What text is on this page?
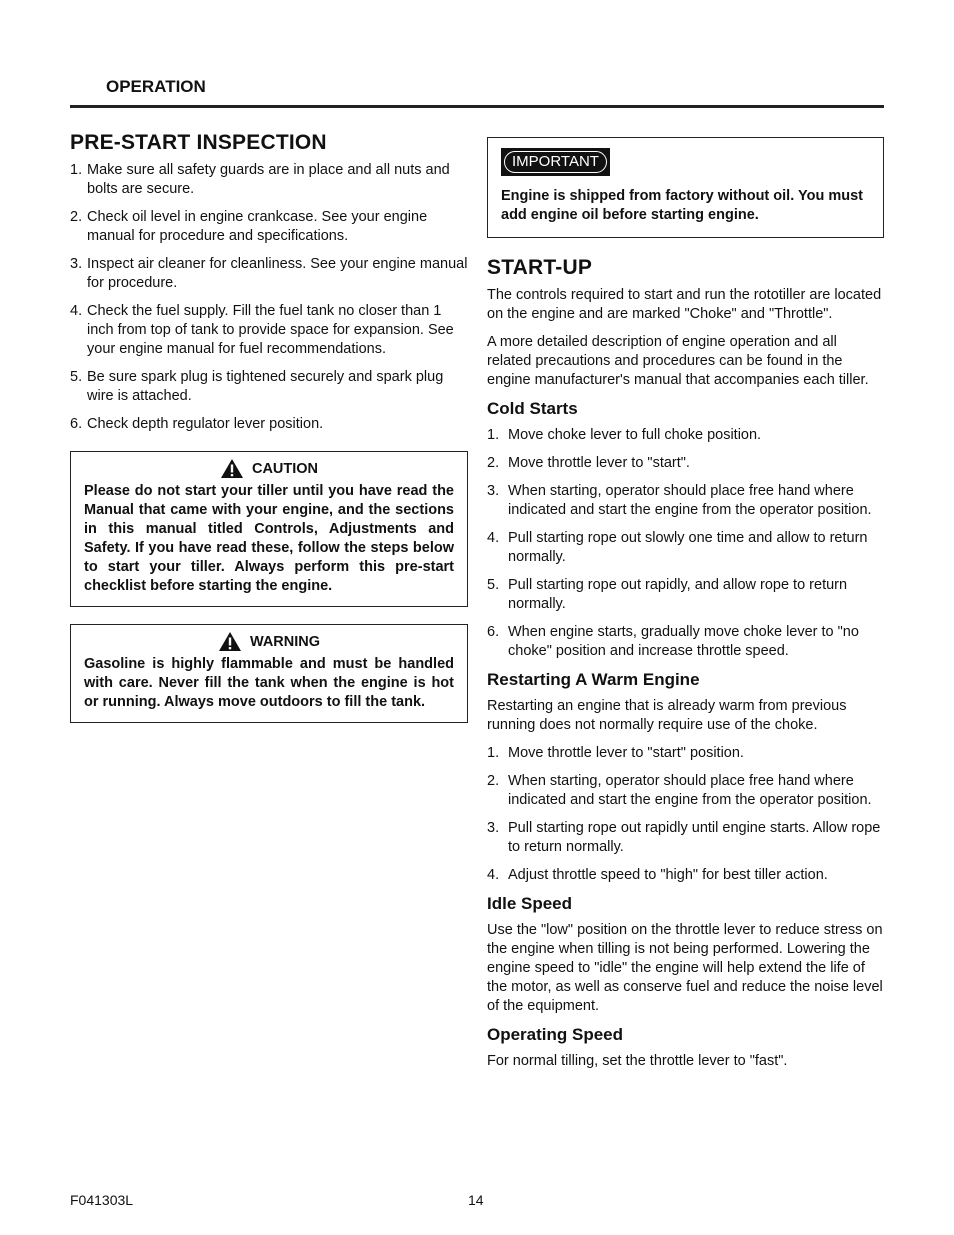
OPERATION
PRE-START INSPECTION
1. Make sure all safety guards are in place and all nuts and bolts are secure.
2. Check oil level in engine crankcase. See your engine manual for procedure and specifications.
3. Inspect air cleaner for cleanliness. See your engine manual for procedure.
4. Check the fuel supply. Fill the fuel tank no closer than 1 inch from top of tank to provide space for expansion. See your engine manual for fuel recommendations.
5. Be sure spark plug is tightened securely and spark plug wire is attached.
6. Check depth regulator lever position.
CAUTION

Please do not start your tiller until you have read the Manual that came with your engine, and the sections in this manual titled Controls, Adjustments and Safety. If you have read these, follow the steps below to start your tiller. Always perform this pre-start checklist before starting the engine.

WARNING

Gasoline is highly flammable and must be handled with care. Never fill the tank when the engine is hot or running. Always move outdoors to fill the tank.

IMPORTANT

Engine is shipped from factory without oil. You must add engine oil before starting engine.

START-UP

The controls required to start and run the rototiller are located on the engine and are marked "Choke" and "Throttle".

A more detailed description of engine operation and all related precautions and procedures can be found in the engine manufacturer's manual that accompanies each tiller.

Cold Starts
1. Move choke lever to full choke position.
2. Move throttle lever to "start".
3. When starting, operator should place free hand where indicated and start the engine from the operator position.
4. Pull starting rope out slowly one time and allow to return normally.
5. Pull starting rope out rapidly, and allow rope to return normally.
6. When engine starts, gradually move choke lever to "no choke" position and increase throttle speed.
Restarting A Warm Engine

Restarting an engine that is already warm from previous running does not normally require use of the choke.

1. Move throttle lever to "start" position.
2. When starting, operator should place free hand where indicated and start the engine from the operator position.
3. Pull starting rope out rapidly until engine starts. Allow rope to return normally.
4. Adjust throttle speed to "high" for best tiller action.
Idle Speed

Use the "low" position on the throttle lever to reduce stress on the engine when tilling is not being performed. Lowering the engine speed to "idle" the engine will help extend the life of the motor, as well as conserve fuel and reduce the noise level of the equipment.

Operating Speed

For normal tilling, set the throttle lever to "fast".

F041303L	14
